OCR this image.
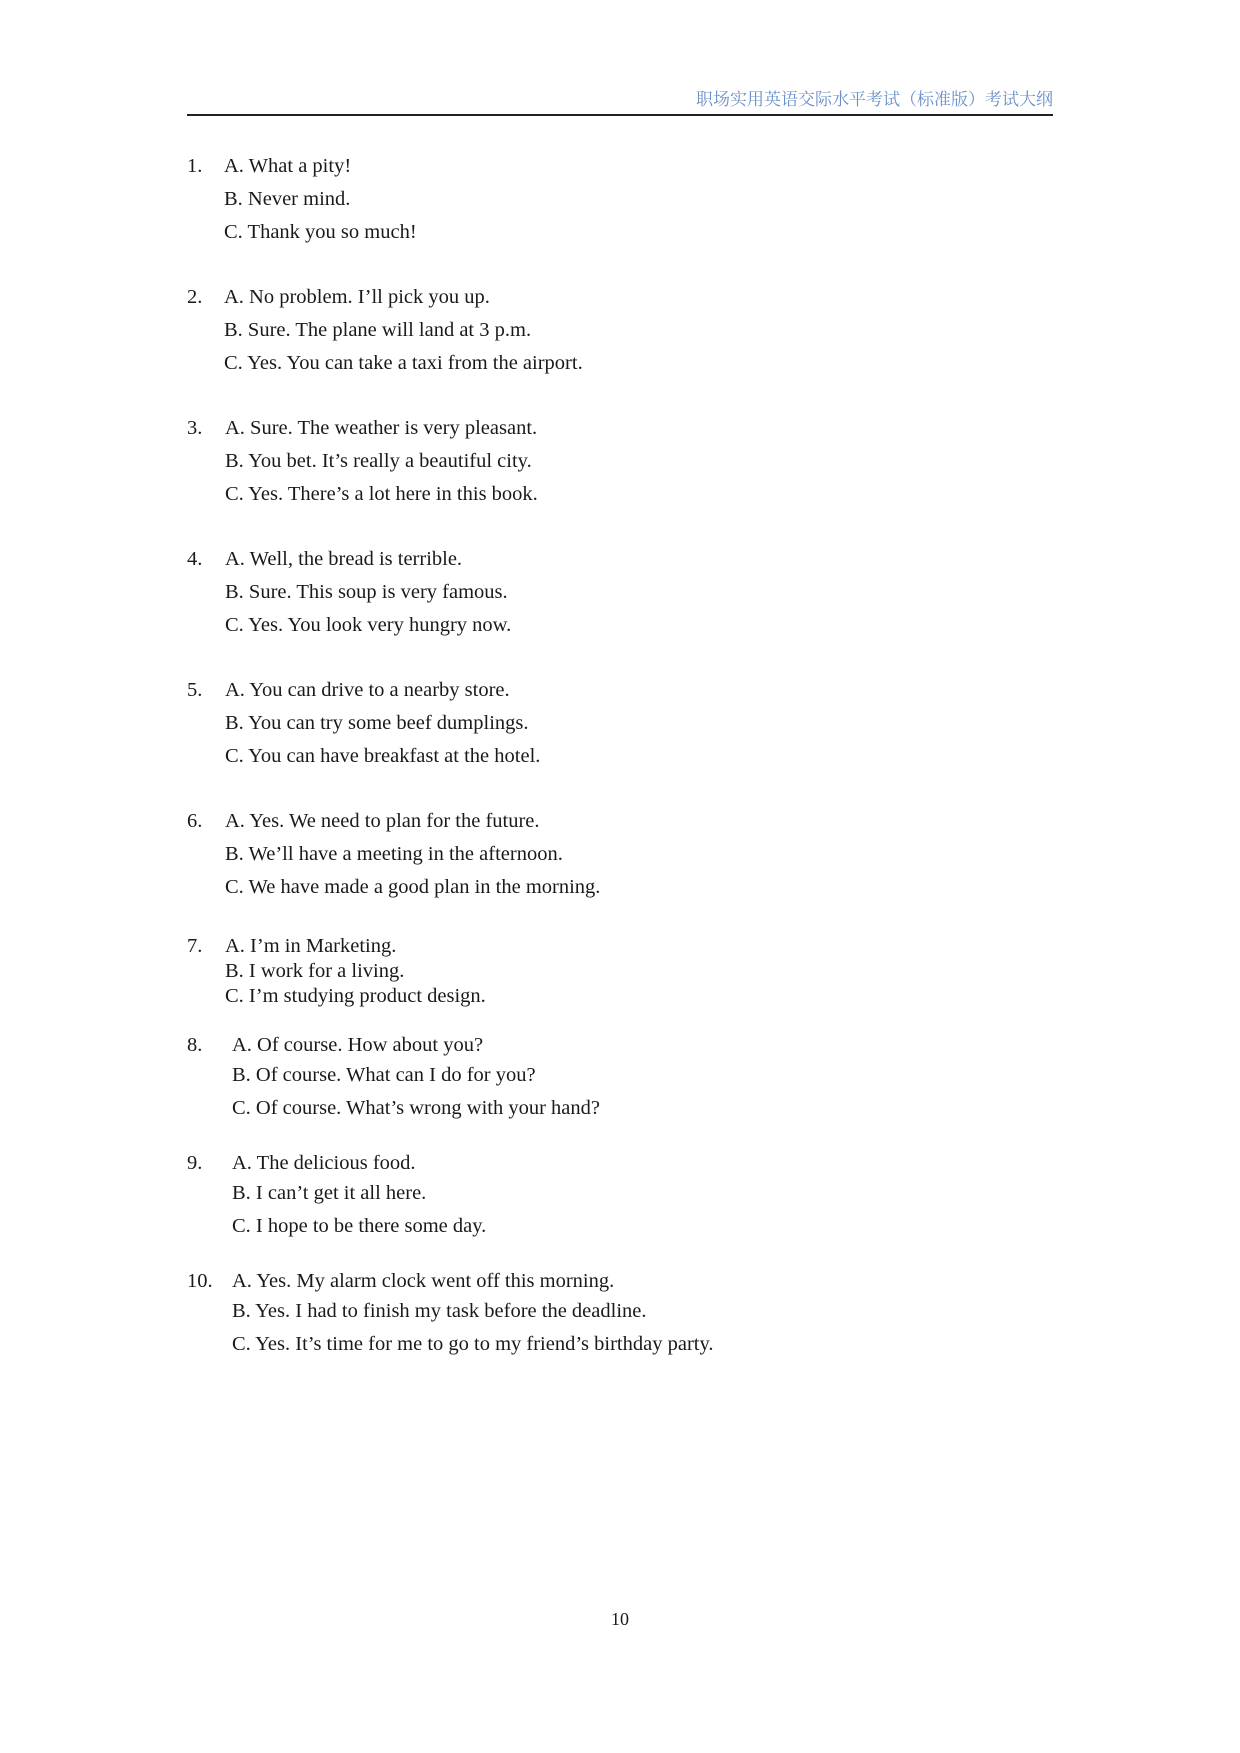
职场实用英语交际水平考试（标准版）考试大纲
1. A. What a pity!
B. Never mind.
C. Thank you so much!
2. A. No problem. I’ll pick you up.
B. Sure. The plane will land at 3 p.m.
C. Yes. You can take a taxi from the airport.
3. A. Sure. The weather is very pleasant.
B. You bet. It’s really a beautiful city.
C. Yes. There’s a lot here in this book.
4. A. Well, the bread is terrible.
B. Sure. This soup is very famous.
C. Yes. You look very hungry now.
5. A. You can drive to a nearby store.
B. You can try some beef dumplings.
C. You can have breakfast at the hotel.
6. A. Yes. We need to plan for the future.
B. We’ll have a meeting in the afternoon.
C. We have made a good plan in the morning.
7. A. I’m in Marketing.
B. I work for a living.
C. I’m studying product design.
8. A. Of course. How about you?
B. Of course. What can I do for you?
C. Of course. What’s wrong with your hand?
9. A. The delicious food.
B. I can’t get it all here.
C. I hope to be there some day.
10. A. Yes. My alarm clock went off this morning.
B. Yes. I had to finish my task before the deadline.
C. Yes. It’s time for me to go to my friend’s birthday party.
10
